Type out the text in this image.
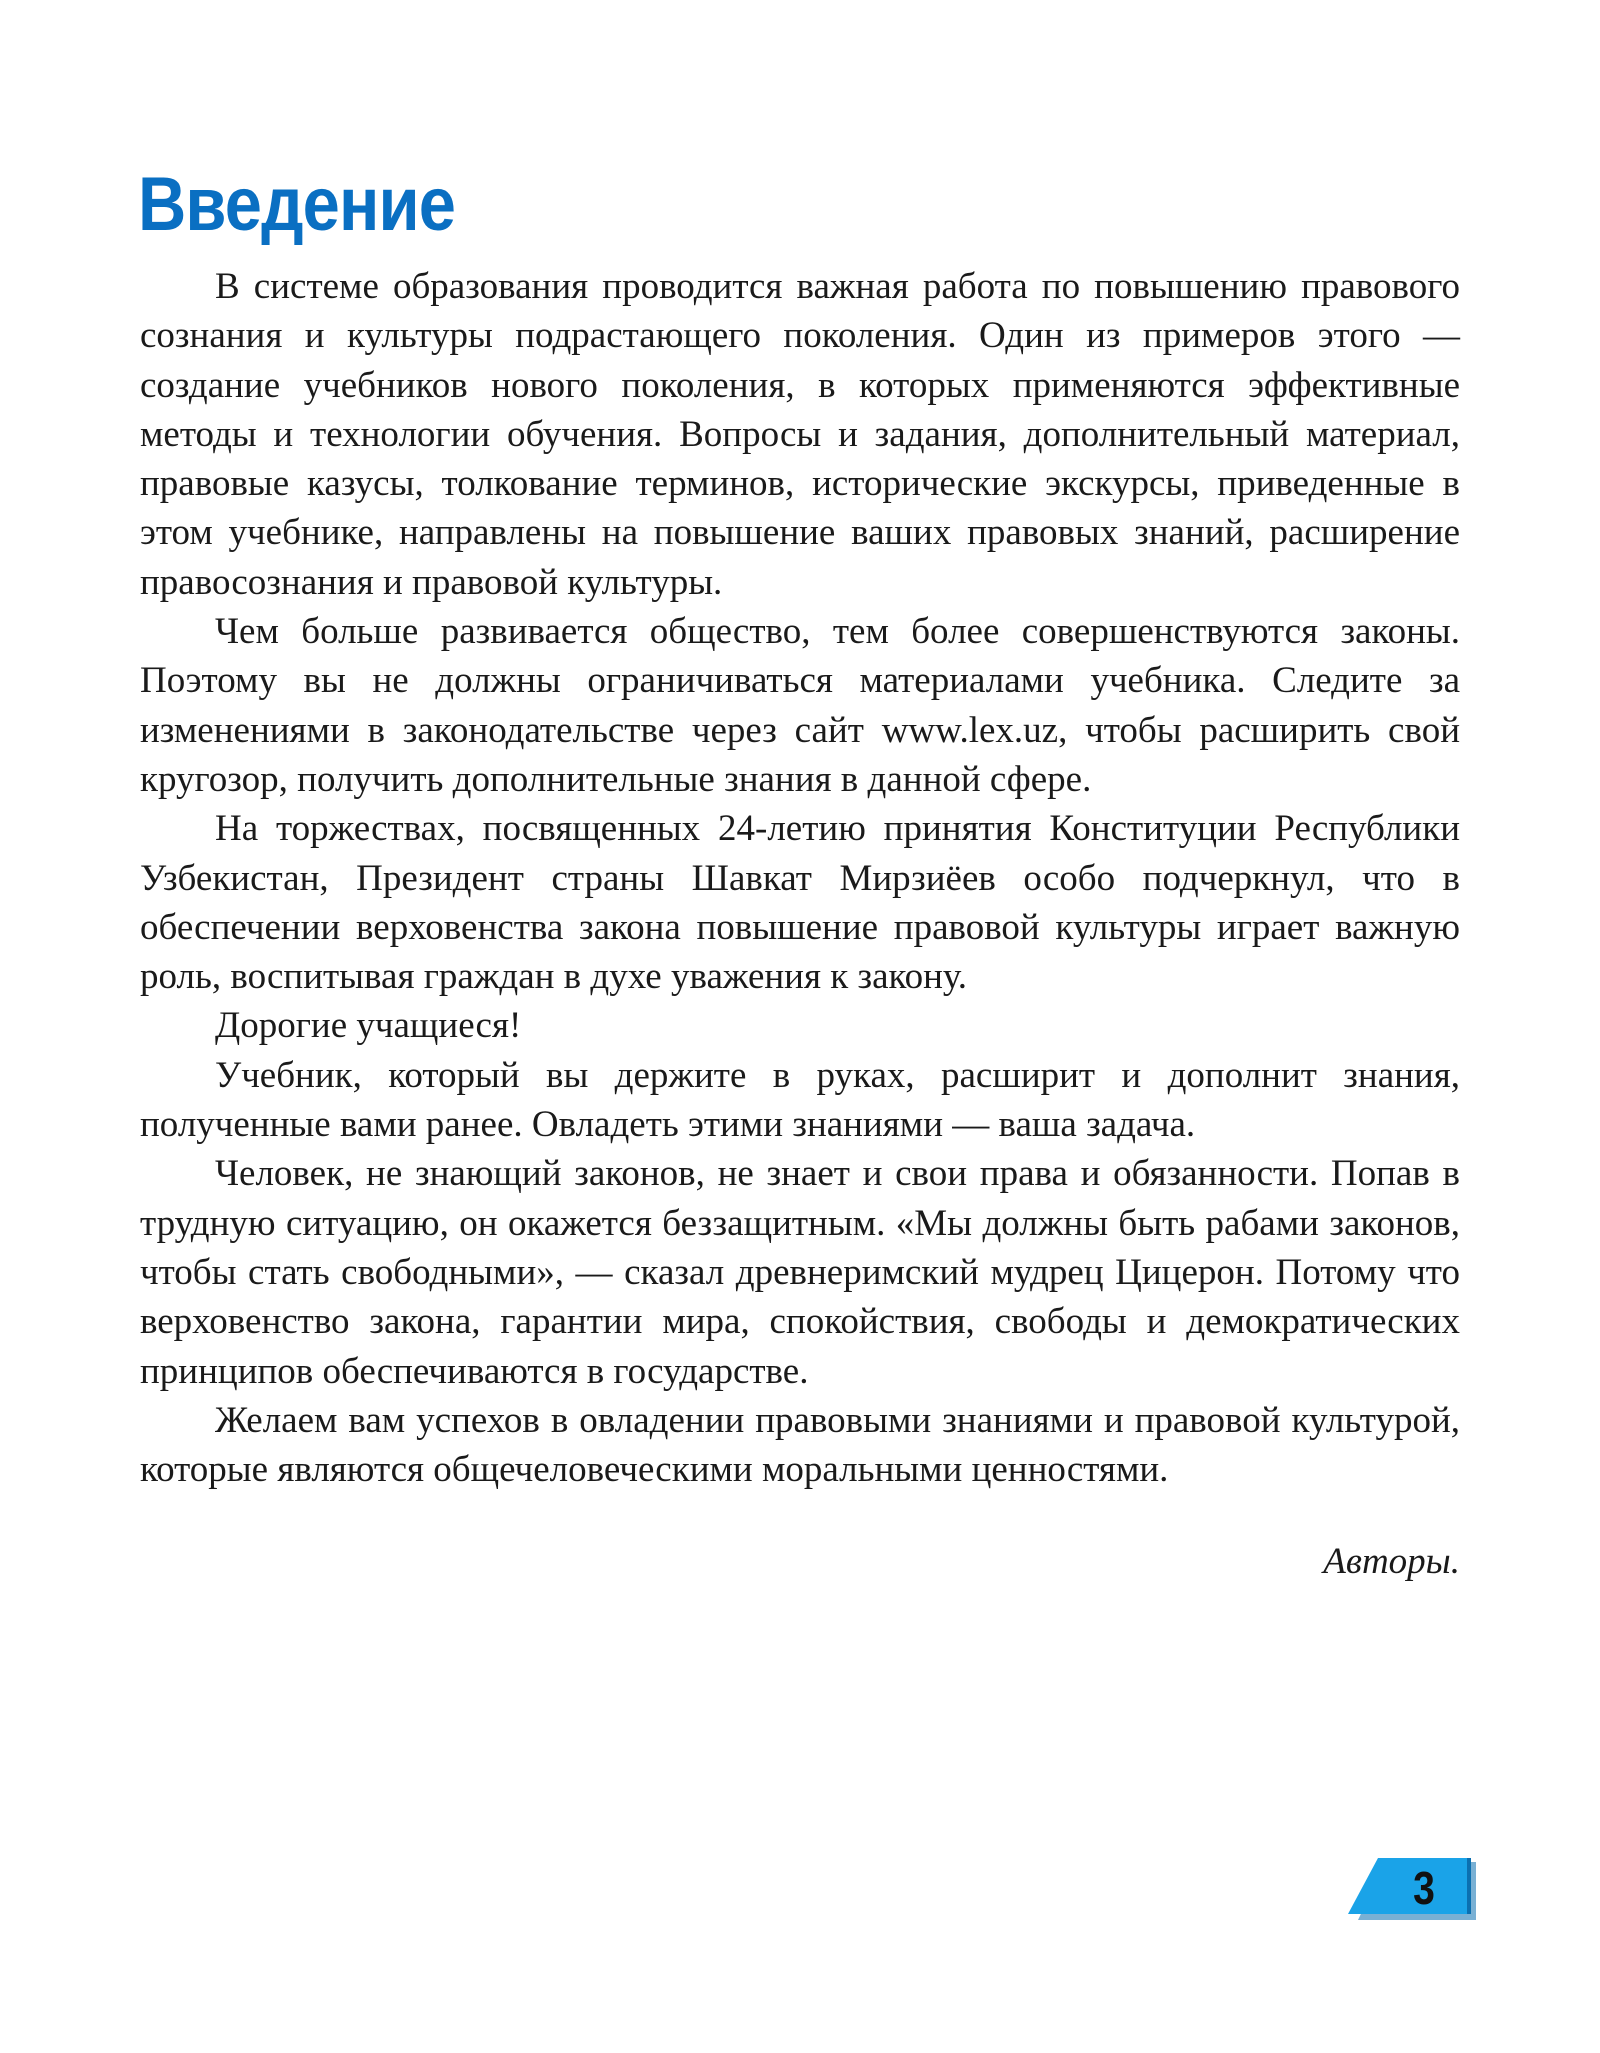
Введение

В системе образования проводится важная работа по повышению правового сознания и культуры подрастающего поколения. Один из примеров этого — создание учебников нового поколения, в которых применяются эффективные методы и технологии обучения. Вопросы и задания, дополнительный материал, правовые казусы, толкование терминов, исторические экскурсы, приведенные в этом учебнике, направлены на повышение ваших правовых знаний, расширение правосознания и правовой культуры.

Чем больше развивается общество, тем более совершенствуются законы. Поэтому вы не должны ограничиваться материалами учебника. Следите за изменениями в законодательстве через сайт www.lex.uz, чтобы расширить свой кругозор, получить дополнительные знания в данной сфере.

На торжествах, посвященных 24-летию принятия Конституции Республики Узбекистан, Президент страны Шавкат Мирзиёев особо подчеркнул, что в обеспечении верховенства закона повышение правовой культуры играет важную роль, воспитывая граждан в духе уважения к закону.

Дорогие учащиеся!

Учебник, который вы держите в руках, расширит и дополнит знания, полученные вами ранее. Овладеть этими знаниями — ваша задача.

Человек, не знающий законов, не знает и свои права и обязанности. Попав в трудную ситуацию, он окажется беззащитным. «Мы должны быть рабами законов, чтобы стать свободными», — сказал древнеримский мудрец Цицерон. Потому что верховенство закона, гарантии мира, спокойствия, свободы и демократических принципов обеспечиваются в государстве.

Желаем вам успехов в овладении правовыми знаниями и правовой культурой, которые являются общечеловеческими моральными ценностями.

Авторы.
3
